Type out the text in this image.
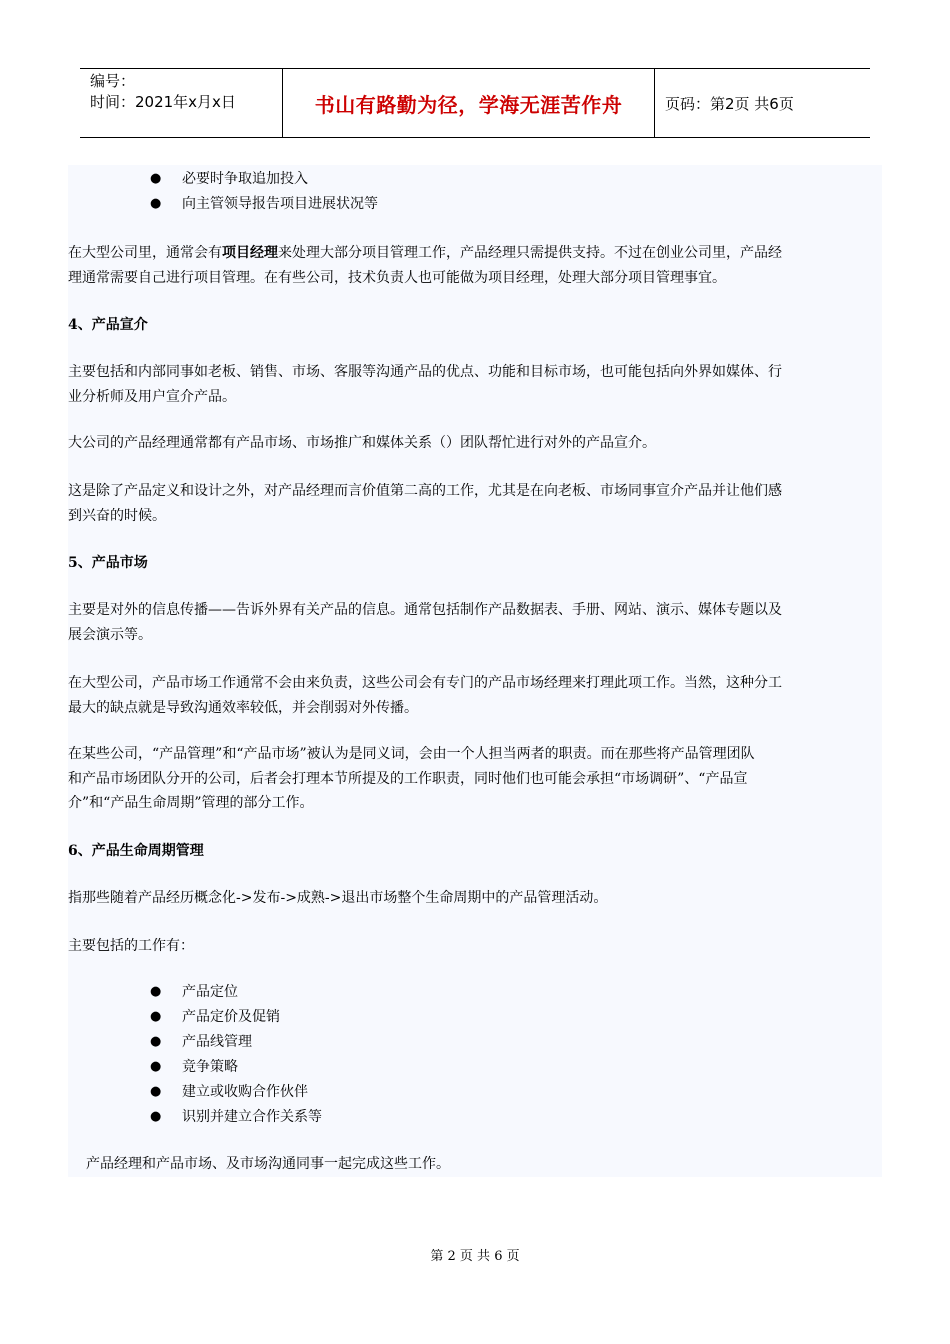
编号：
时间：2021年x月x日	书山有路勤为径，学海无涯苦作舟	页码：第2页 共6页
●	必要时争取追加投入
●	向主管领导报告项目进展状况等
在大型公司里，通常会有项目经理来处理大部分项目管理工作，产品经理只需提供支持。不过在创业公司里，产品经
理通常需要自己进行项目管理。在有些公司，技术负责人也可能做为项目经理，处理大部分项目管理事宜。
4、产品宣介
主要包括和内部同事如老板、销售、市场、客服等沟通产品的优点、功能和目标市场，也可能包括向外界如媒体、行
业分析师及用户宣介产品。
大公司的产品经理通常都有产品市场、市场推广和媒体关系（）团队帮忙进行对外的产品宣介。
这是除了产品定义和设计之外，对产品经理而言价值第二高的工作，尤其是在向老板、市场同事宣介产品并让他们感
到兴奋的时候。
5、产品市场
主要是对外的信息传播——告诉外界有关产品的信息。通常包括制作产品数据表、手册、网站、演示、媒体专题以及
展会演示等。
在大型公司，产品市场工作通常不会由来负责，这些公司会有专门的产品市场经理来打理此项工作。当然，这种分工
最大的缺点就是导致沟通效率较低，并会削弱对外传播。
在某些公司，“产品管理”和“产品市场”被认为是同义词，会由一个人担当两者的职责。而在那些将产品管理团队
和产品市场团队分开的公司，后者会打理本节所提及的工作职责，同时他们也可能会承担“市场调研”、“产品宣
介”和“产品生命周期”管理的部分工作。
6、产品生命周期管理
指那些随着产品经历概念化->发布->成熟->退出市场整个生命周期中的产品管理活动。
主要包括的工作有：
●	产品定位
●	产品定价及促销
●	产品线管理
●	竞争策略
●	建立或收购合作伙伴
●	识别并建立合作关系等
产品经理和产品市场、及市场沟通同事一起完成这些工作。
第 2 页 共 6 页
